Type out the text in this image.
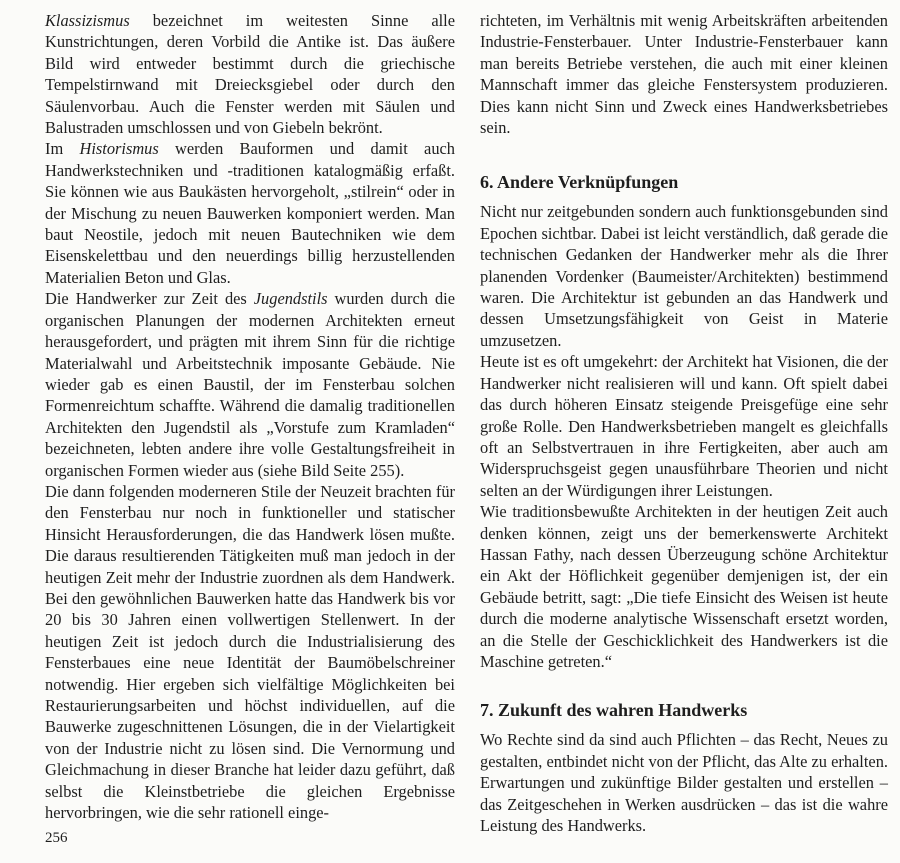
Klassizismus bezeichnet im weitesten Sinne alle Kunstrichtungen, deren Vorbild die Antike ist. Das äußere Bild wird entweder bestimmt durch die griechische Tempelstirnwand mit Dreiecksgiebel oder durch den Säulenvorbau. Auch die Fenster werden mit Säulen und Balustraden umschlossen und von Giebeln bekrönt.

Im Historismus werden Bauformen und damit auch Handwerkstechniken und -traditionen katalogmäßig erfaßt. Sie können wie aus Baukästen hervorgeholt, „stilrein“ oder in der Mischung zu neuen Bauwerken komponiert werden. Man baut Neostile, jedoch mit neuen Bautechniken wie dem Eisenskelettbau und den neuerdings billig herzustellenden Materialien Beton und Glas.

Die Handwerker zur Zeit des Jugendstils wurden durch die organischen Planungen der modernen Architekten erneut herausgefordert, und prägten mit ihrem Sinn für die richtige Materialwahl und Arbeitstechnik imposante Gebäude. Nie wieder gab es einen Baustil, der im Fensterbau solchen Formenreichtum schaffte. Während die damalig traditionellen Architekten den Jugendstil als „Vorstufe zum Kramladen“ bezeichneten, lebten andere ihre volle Gestaltungsfreiheit in organischen Formen wieder aus (siehe Bild Seite 255).

Die dann folgenden moderneren Stile der Neuzeit brachten für den Fensterbau nur noch in funktioneller und statischer Hinsicht Herausforderungen, die das Handwerk lösen mußte. Die daraus resultierenden Tätigkeiten muß man jedoch in der heutigen Zeit mehr der Industrie zuordnen als dem Handwerk. Bei den gewöhnlichen Bauwerken hatte das Handwerk bis vor 20 bis 30 Jahren einen vollwertigen Stellenwert. In der heutigen Zeit ist jedoch durch die Industrialisierung des Fensterbaues eine neue Identität der Baumöbelschreiner notwendig. Hier ergeben sich vielfältige Möglichkeiten bei Restaurierungsarbeiten und höchst individuellen, auf die Bauwerke zugeschnittenen Lösungen, die in der Vielartigkeit von der Industrie nicht zu lösen sind. Die Vernormung und Gleichmachung in dieser Branche hat leider dazu geführt, daß selbst die Kleinstbetriebe die gleichen Ergebnisse hervorbringen, wie die sehr rationell einge-

richteten, im Verhältnis mit wenig Arbeitskräften arbeitenden Industrie-Fensterbauer. Unter Industrie-Fensterbauer kann man bereits Betriebe verstehen, die auch mit einer kleinen Mannschaft immer das gleiche Fenstersystem produzieren. Dies kann nicht Sinn und Zweck eines Handwerksbetriebes sein.

6. Andere Verknüpfungen

Nicht nur zeitgebunden sondern auch funktionsgebunden sind Epochen sichtbar. Dabei ist leicht verständlich, daß gerade die technischen Gedanken der Handwerker mehr als die Ihrer planenden Vordenker (Baumeister/Architekten) bestimmend waren. Die Architektur ist gebunden an das Handwerk und dessen Umsetzungsfähigkeit von Geist in Materie umzusetzen.

Heute ist es oft umgekehrt: der Architekt hat Visionen, die der Handwerker nicht realisieren will und kann. Oft spielt dabei das durch höheren Einsatz steigende Preisgefüge eine sehr große Rolle. Den Handwerksbetrieben mangelt es gleichfalls oft an Selbstvertrauen in ihre Fertigkeiten, aber auch am Widerspruchsgeist gegen unausführbare Theorien und nicht selten an der Würdigungen ihrer Leistungen.

Wie traditionsbewußte Architekten in der heutigen Zeit auch denken können, zeigt uns der bemerkenswerte Architekt Hassan Fathy, nach dessen Überzeugung schöne Architektur ein Akt der Höflichkeit gegenüber demjenigen ist, der ein Gebäude betritt, sagt: „Die tiefe Einsicht des Weisen ist heute durch die moderne analytische Wissenschaft ersetzt worden, an die Stelle der Geschicklichkeit des Handwerkers ist die Maschine getreten.“

7. Zukunft des wahren Handwerks

Wo Rechte sind da sind auch Pflichten – das Recht, Neues zu gestalten, entbindet nicht von der Pflicht, das Alte zu erhalten. Erwartungen und zukünftige Bilder gestalten und erstellen – das Zeitgeschehen in Werken ausdrücken – das ist die wahre Leistung des Handwerks.

256
